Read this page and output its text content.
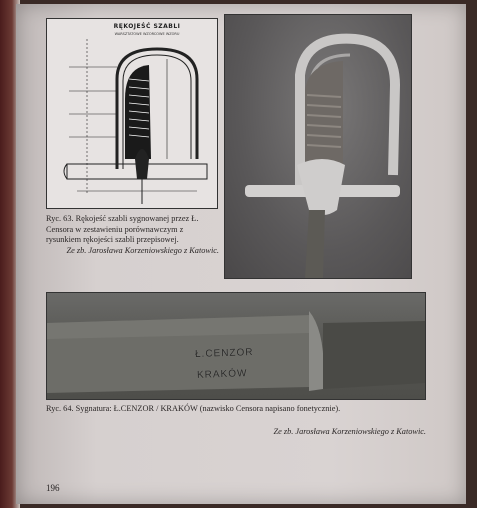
RĘKOJEŚĆ SZABLI
WARSZTATOWE WZORCOWE WZORU
Ryc. 63. Rękojeść szabli sygnowanej przez Ł. Censora w zestawieniu porównawczym z rysunkiem rękojeści szabli przepisowej.
Ze zb. Jarosława Korzeniowskiego z Katowic.
Ł.CENZOR
KRAKÓW
Ryc. 64. Sygnatura: Ł.CENZOR / KRAKÓW (nazwisko Censora napisano fonetycznie).
Ze zb. Jarosława Korzeniowskiego z Katowic.
196
